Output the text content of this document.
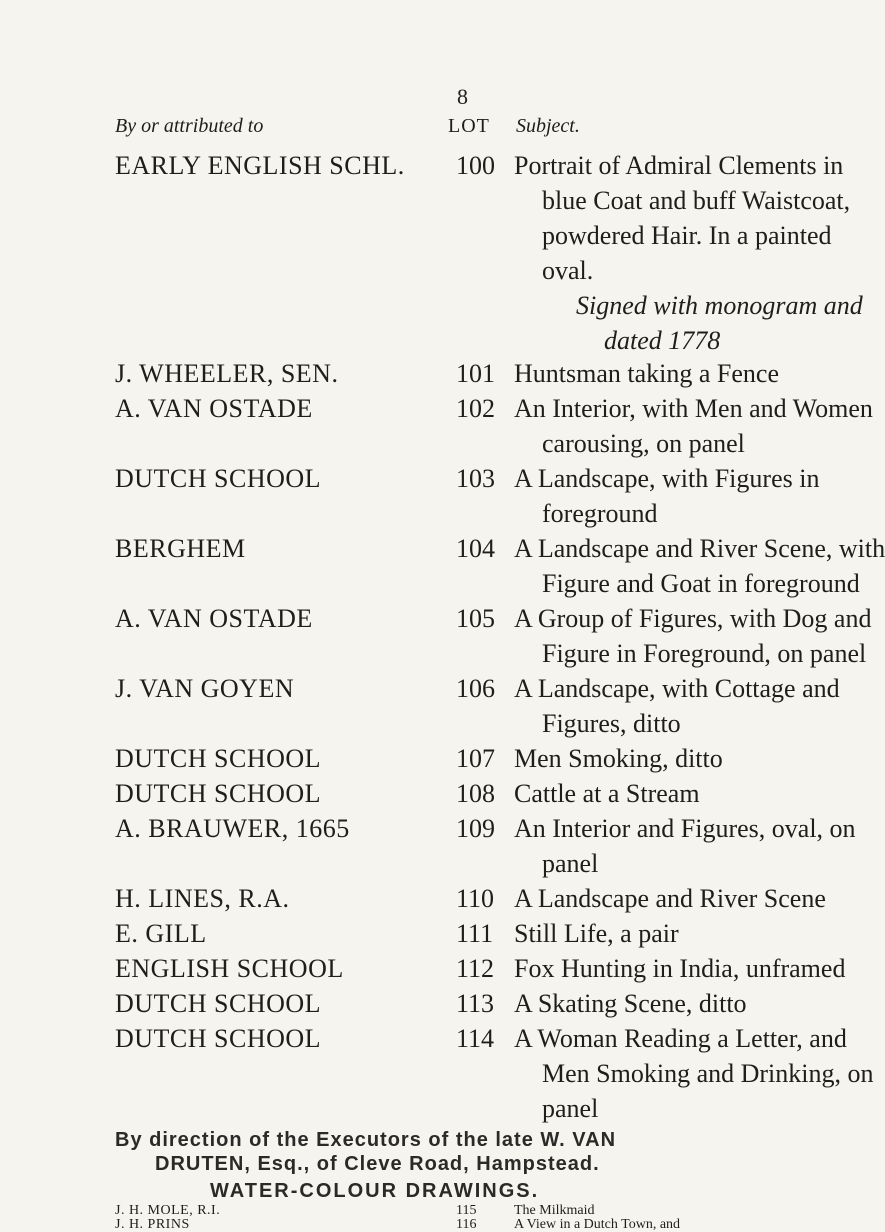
8
By or attributed to	LOT Subject.
EARLY ENGLISH SCHL. 100 Portrait of Admiral Clements in
blue Coat and buff Waistcoat,
powdered Hair. In a painted
oval.
Signed with monogram and
dated 1778
J. WHEELER, SEN.	101 Huntsman taking a Fence
A. VAN OSTADE	102 An Interior, with Men and Women
carousing, on panel
DUTCH SCHOOL	103 A Landscape, with Figures in
foreground
BERGHEM	104 A Landscape and River Scene, with
Figure and Goat in foreground
A. VAN OSTADE	105 A Group of Figures, with Dog and
Figure in Foreground, on panel
J. VAN GOYEN	106 A Landscape, with Cottage and
Figures, ditto
DUTCH SCHOOL	107 Men Smoking, ditto
DUTCH SCHOOL	108 Cattle at a Stream
A. BRAUWER, 1665	109 An Interior and Figures, oval, on
panel
H. LINES, R.A.	110 A Landscape and River Scene
E. GILL	111 Still Life, a pair
ENGLISH SCHOOL	112 Fox Hunting in India, unframed
DUTCH SCHOOL	113 A Skating Scene, ditto
DUTCH SCHOOL	114 A Woman Reading a Letter, and
Men Smoking and Drinking, on
panel
By direction of the Executors of the late W. VAN
DRUTEN, Esq., of Cleve Road, Hampstead.
WATER-COLOUR DRAWINGS.
J. H. MOLE, R.I.	115	The Milkmaid
J. H. PRINS	116	A View in a Dutch Town, and
